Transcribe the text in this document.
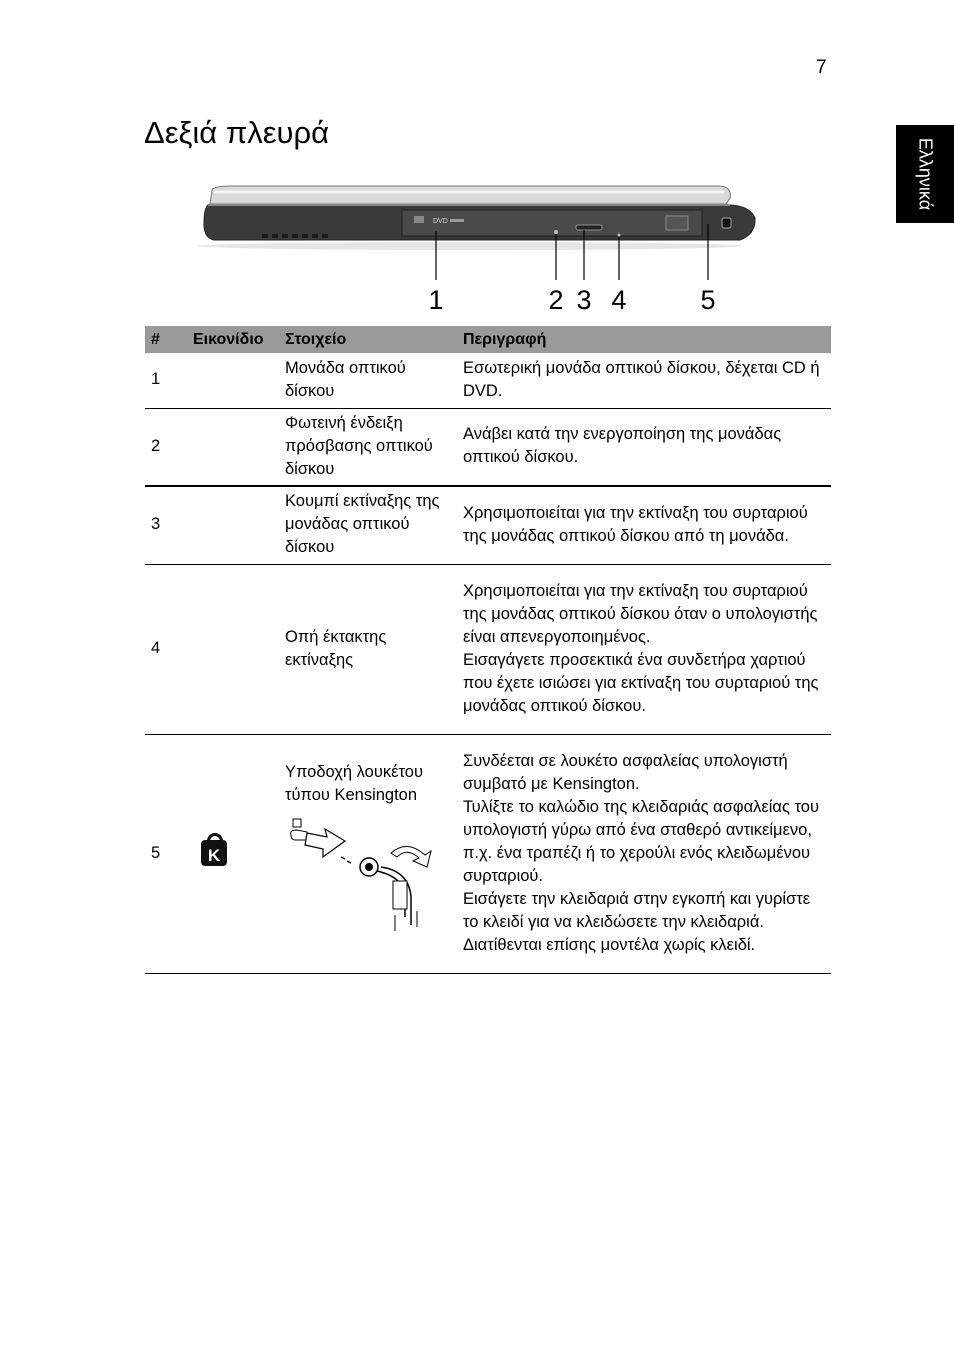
7
Ελληνικά
Δεξιά πλευρά
DVD
1	2 3 4	5
#	Εικονίδιο	Στοιχείο	Περιγραφή
1		Μονάδα οπτικού δίσκου	Εσωτερική μονάδα οπτικού δίσκου, δέχεται CD ή DVD.

2		Φωτεινή ένδειξη πρόσβασης οπτικού δίσκου	Ανάβει κατά την ενεργοποίηση της μονάδας οπτικού δίσκου.

3		Κουμπί εκτίναξης της μονάδας οπτικού δίσκου	Χρησιμοποιείται για την εκτίναξη του συρταριού της μονάδας οπτικού δίσκου από τη μονάδα.

4		Οπή έκτακτης εκτίναξης	Χρησιμοποιείται για την εκτίναξη του συρταριού της μονάδας οπτικού δίσκου όταν ο υπολογιστής είναι απενεργοποιημένος.
Εισαγάγετε προσεκτικά ένα συνδετήρα χαρτιού που έχετε ισιώσει για εκτίναξη του συρταριού της μονάδας οπτικού δίσκου.

5	K	Υποδοχή λουκέτου τύπου Kensington	Συνδέεται σε λουκέτο ασφαλείας υπολογιστή συμβατό με Kensington.
Τυλίξτε το καλώδιο της κλειδαριάς ασφαλείας του υπολογιστή γύρω από ένα σταθερό αντικείμενο, π.χ. ένα τραπέζι ή το χερούλι ενός κλειδωμένου συρταριού.
Εισάγετε την κλειδαριά στην εγκοπή και γυρίστε το κλειδί για να κλειδώσετε την κλειδαριά.
Διατίθενται επίσης μοντέλα χωρίς κλειδί.
